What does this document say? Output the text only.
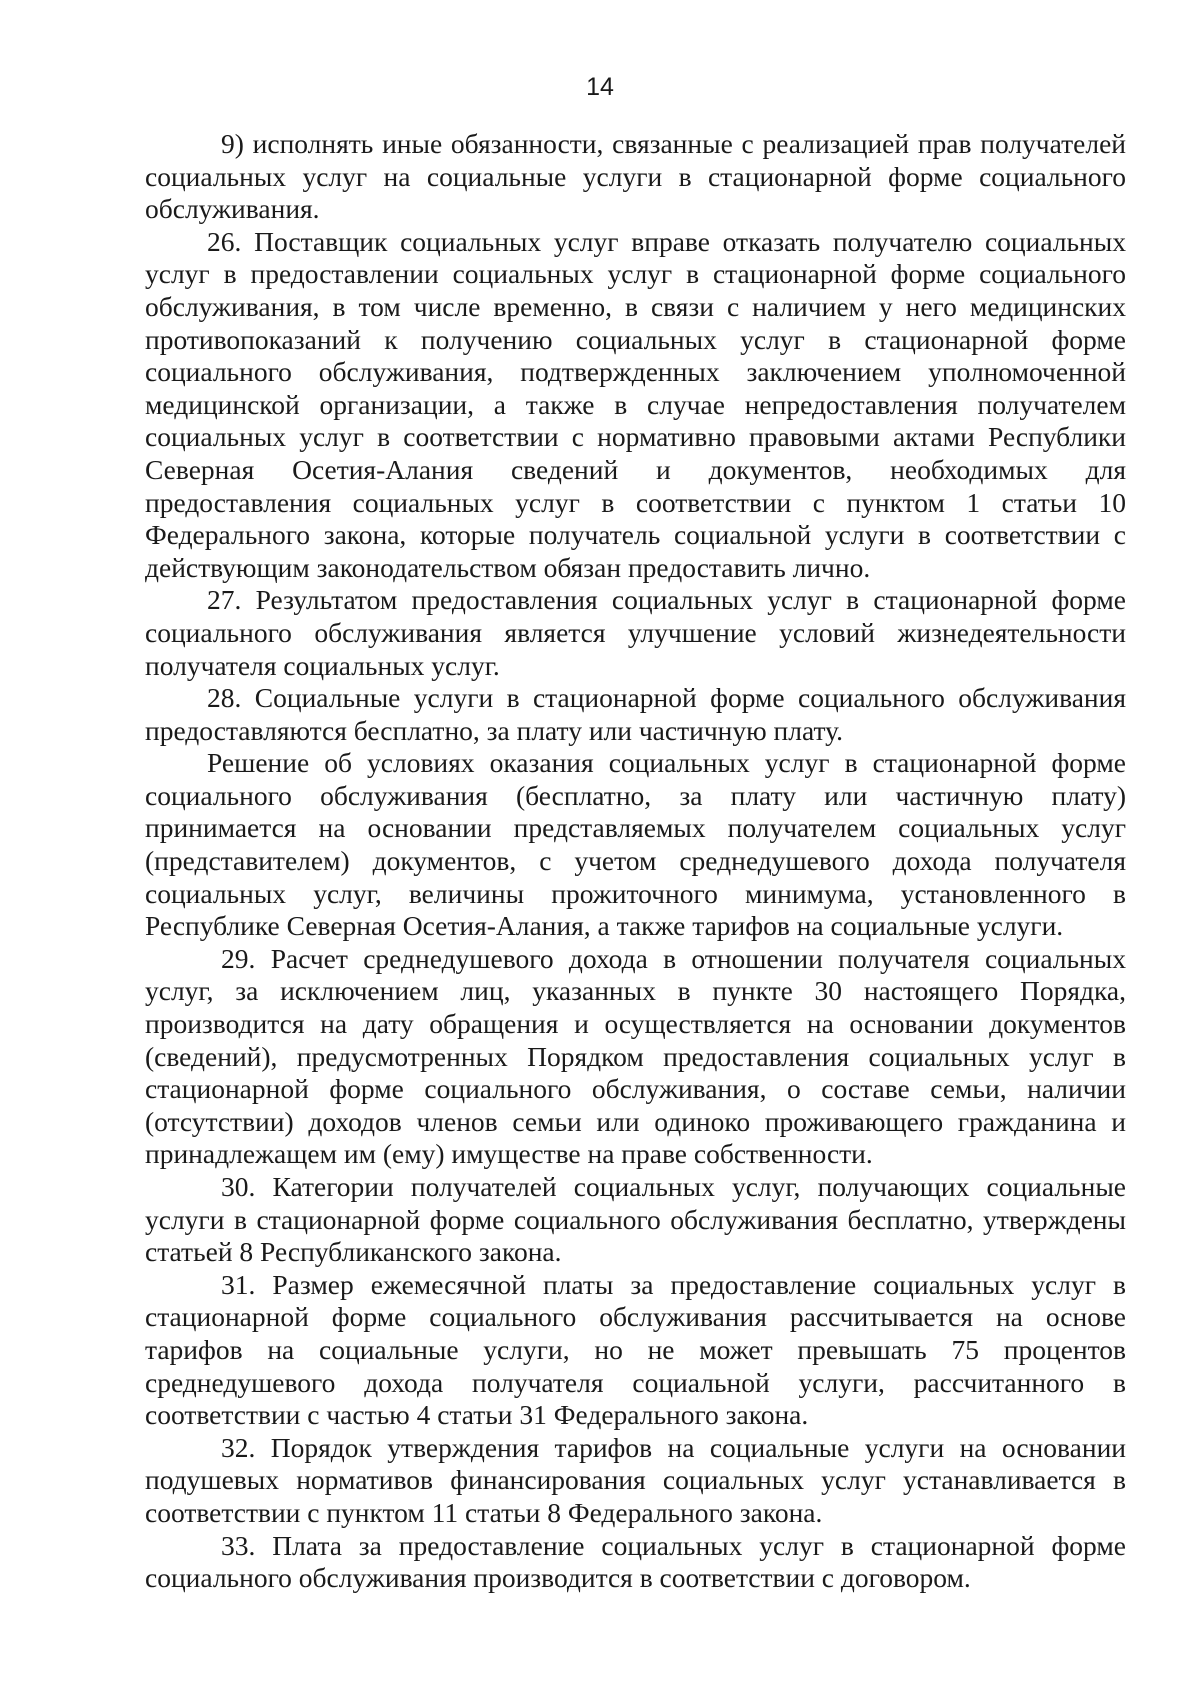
14

9) исполнять иные обязанности, связанные с реализацией прав получателей социальных услуг на социальные услуги в стационарной форме социального обслуживания.

26. Поставщик социальных услуг вправе отказать получателю социальных услуг в предоставлении социальных услуг в стационарной форме социального обслуживания, в том числе временно, в связи с наличием у него медицинских противопоказаний к получению социальных услуг в стационарной форме социального обслуживания, подтвержденных заключением уполномоченной медицинской организации, а также в случае непредоставления получателем социальных услуг в соответствии с нормативно правовыми актами Республики Северная Осетия-Алания сведений и документов, необходимых для предоставления социальных услуг в соответствии с пунктом 1 статьи 10 Федерального закона, которые получатель социальной услуги в соответствии с действующим законодательством обязан предоставить лично.

27. Результатом предоставления социальных услуг в стационарной форме социального обслуживания является улучшение условий жизнедеятельности получателя социальных услуг.

28. Социальные услуги в стационарной форме социального обслуживания предоставляются бесплатно, за плату или частичную плату.

Решение об условиях оказания социальных услуг в стационарной форме социального обслуживания (бесплатно, за плату или частичную плату) принимается на основании представляемых получателем социальных услуг (представителем) документов, с учетом среднедушевого дохода получателя социальных услуг, величины прожиточного минимума, установленного в Республике Северная Осетия-Алания, а также тарифов на социальные услуги.

29. Расчет среднедушевого дохода в отношении получателя социальных услуг, за исключением лиц, указанных в пункте 30 настоящего Порядка, производится на дату обращения и осуществляется на основании документов (сведений), предусмотренных Порядком предоставления социальных услуг в стационарной форме социального обслуживания, о составе семьи, наличии (отсутствии) доходов членов семьи или одиноко проживающего гражданина и принадлежащем им (ему) имуществе на праве собственности.

30. Категории получателей социальных услуг, получающих социальные услуги в стационарной форме социального обслуживания бесплатно, утверждены статьей 8 Республиканского закона.

31. Размер ежемесячной платы за предоставление социальных услуг в стационарной форме социального обслуживания рассчитывается на основе тарифов на социальные услуги, но не может превышать 75 процентов среднедушевого дохода получателя социальной услуги, рассчитанного в соответствии с частью 4 статьи 31 Федерального закона.

32. Порядок утверждения тарифов на социальные услуги на основании подушевых нормативов финансирования социальных услуг устанавливается в соответствии с пунктом 11 статьи 8 Федерального закона.

33. Плата за предоставление социальных услуг в стационарной форме социального обслуживания производится в соответствии с договором.
